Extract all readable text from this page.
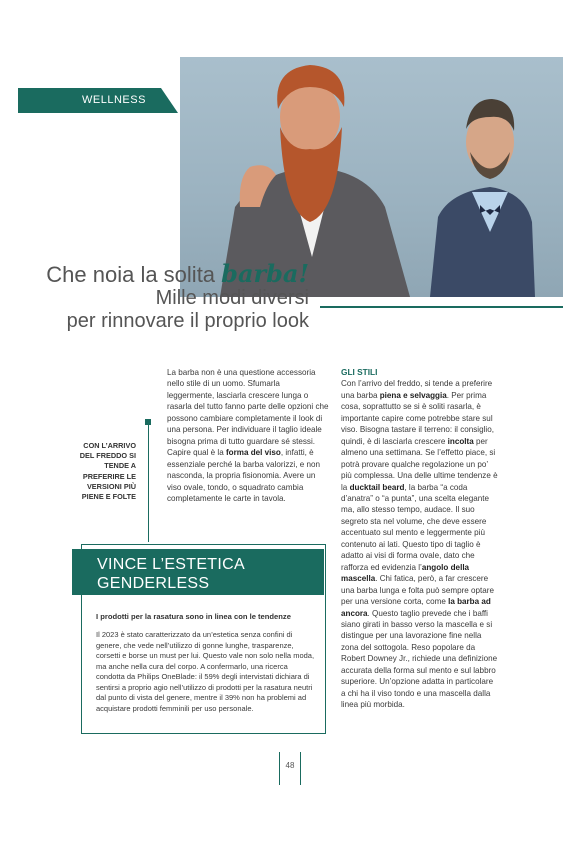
WELLNESS
Che noia la solita barba!
Mille modi diversi
per rinnovare il proprio look
CON L’ARRIVO DEL FREDDO SI TENDE A PREFERIRE LE VERSIONI PIÙ PIENE E FOLTE
La barba non è una questione accessoria nello stile di un uomo. Sfumarla leggermente, lasciarla crescere lunga o rasarla del tutto fanno parte delle opzioni che possono cambiare completamente il look di una persona. Per individuare il taglio ideale bisogna prima di tutto guardare sé stessi. Capire qual è la forma del viso, infatti, è essenziale perché la barba valorizzi, e non nasconda, la propria fisionomia. Avere un viso ovale, tondo, o squadrato cambia completamente le carte in tavola.
GLI STILI
Con l’arrivo del freddo, si tende a preferire una barba piena e selvaggia. Per prima cosa, soprattutto se si è soliti rasarla, è importante capire come potrebbe stare sul viso. Bisogna tastare il terreno: il consiglio, quindi, è di lasciarla crescere incolta per almeno una settimana. Se l’effetto piace, si potrà provare qualche regolazione un po’ più complessa. Una delle ultime tendenze è la ducktail beard, la barba “a coda d’anatra” o “a punta”, una scelta elegante ma, allo stesso tempo, audace. Il suo segreto sta nel volume, che deve essere accentuato sul mento e leggermente più contenuto ai lati. Questo tipo di taglio è adatto ai visi di forma ovale, dato che rafforza ed evidenzia l’angolo della mascella. Chi fatica, però, a far crescere una barba lunga e folta può sempre optare per una versione corta, come la barba ad ancora. Questo taglio prevede che i baffi siano girati in basso verso la mascella e si distingue per una lavorazione fine nella zona del sottogola. Reso popolare da Robert Downey Jr., richiede una definizione accurata della forma sul mento e sul labbro superiore. Un’opzione adatta in particolare a chi ha il viso tondo e una mascella dalla linea più morbida.
VINCE L’ESTETICA
GENDERLESS
I prodotti per la rasatura sono in linea con le tendenze
Il 2023 è stato caratterizzato da un’estetica senza confini di genere, che vede nell’utilizzo di gonne lunghe, trasparenze, corsetti e borse un must per lui. Questo vale non solo nella moda, ma anche nella cura del corpo. A confermarlo, una ricerca condotta da Philips OneBlade: il 59% degli intervistati dichiara di sentirsi a proprio agio nell’utilizzo di prodotti per la rasatura neutri dal punto di vista del genere, mentre il 39% non ha problemi ad acquistare prodotti femminili per uso personale.
48
